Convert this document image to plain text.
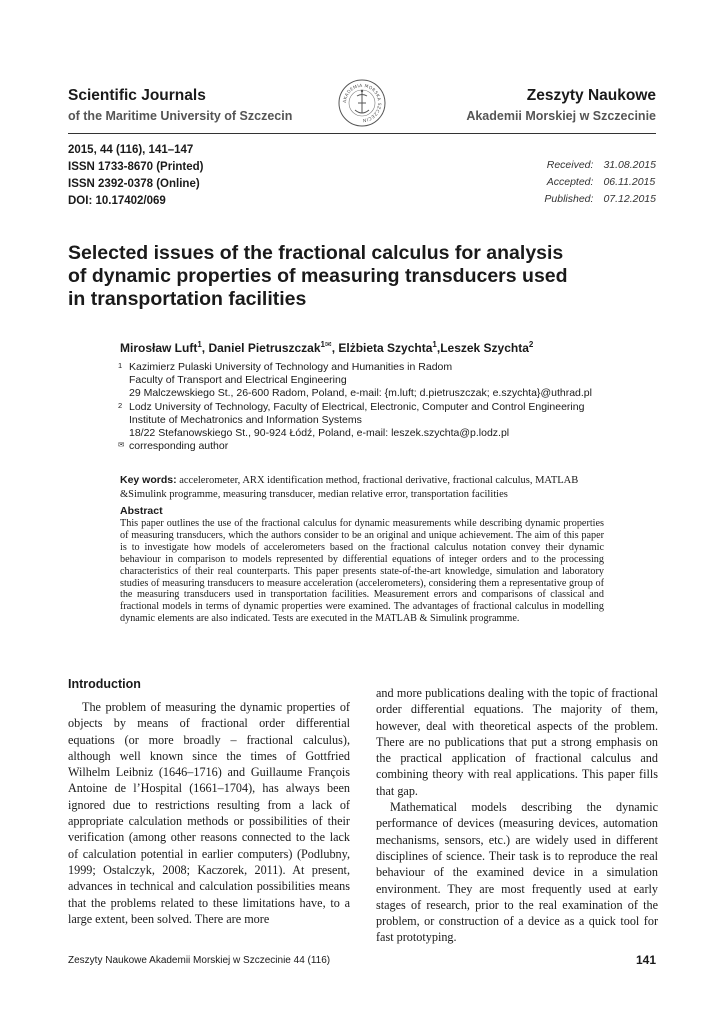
Scientific Journals
of the Maritime University of Szczecin
Zeszyty Naukowe
Akademii Morskiej w Szczecinie
AKADEMIA MORSKA SZCZECIN
2015, 44 (116), 141–147
ISSN 1733-8670 (Printed)
ISSN 2392-0378 (Online)
DOI: 10.17402/069
Received:	31.08.2015
Accepted:	06.11.2015
Published:	07.12.2015
Selected issues of the fractional calculus for analysis
of dynamic properties of measuring transducers used
in transportation facilities
Mirosław Luft$^1$, Daniel Pietruszczak$^{1✉}$, Elżbieta Szychta$^1$,Leszek Szychta$^2$
1 Kazimierz Pulaski University of Technology and Humanities in Radom
Faculty of Transport and Electrical Engineering
29 Malczewskiego St., 26-600 Radom, Poland, e-mail: {m.luft; d.pietruszczak; e.szychta}@uthrad.pl
2 Lodz University of Technology, Faculty of Electrical, Electronic, Computer and Control Engineering
Institute of Mechatronics and Information Systems
18/22 Stefanowskiego St., 90-924 Łódź, Poland, e-mail: leszek.szychta@p.lodz.pl
✉ corresponding author
Key words: accelerometer, ARX identification method, fractional derivative, fractional calculus, MATLAB &Simulink programme, measuring transducer, median relative error, transportation facilities
Abstract
This paper outlines the use of the fractional calculus for dynamic measurements while describing dynamic properties of measuring transducers, which the authors consider to be an original and unique achievement. The aim of this paper is to investigate how models of accelerometers based on the fractional calculus notation convey their dynamic behaviour in comparison to models represented by differential equations of integer orders and to the processing characteristics of their real counterparts. This paper presents state-of-the-art knowledge, simulation and laboratory studies of measuring transducers to measure acceleration (accelerometers), considering them a representative group of the measuring transducers used in transportation facilities. Measurement errors and comparisons of classical and fractional models in terms of dynamic properties were examined. The advantages of fractional calculus in modelling dynamic elements are also indicated. Tests are executed in the MATLAB & Simulink programme.
Introduction

The problem of measuring the dynamic properties of objects by means of fractional order differential equations (or more broadly – fractional calculus), although well known since the times of Gottfried Wilhelm Leibniz (1646–1716) and Guillaume François Antoine de l’Hospital (1661–1704), has always been ignored due to restrictions resulting from a lack of appropriate calculation methods or possibilities of their verification (among other reasons connected to the lack of calculation potential in earlier computers) (Podlubny, 1999; Ostalczyk, 2008; Kaczorek, 2011). At present, advances in technical and calculation possibilities means that the problems related to these limitations have, to a large extent, been solved. There are more

and more publications dealing with the topic of fractional order differential equations. The majority of them, however, deal with theoretical aspects of the problem. There are no publications that put a strong emphasis on the practical application of fractional calculus and combining theory with real applications. This paper fills that gap.

Mathematical models describing the dynamic performance of devices (measuring devices, automation mechanisms, sensors, etc.) are widely used in different disciplines of science. Their task is to reproduce the real behaviour of the examined device in a simulation environment. They are most frequently used at early stages of research, prior to the real examination of the problem, or construction of a device as a quick tool for fast prototyping.

Zeszyty Naukowe Akademii Morskiej w Szczecinie 44 (116)	141
